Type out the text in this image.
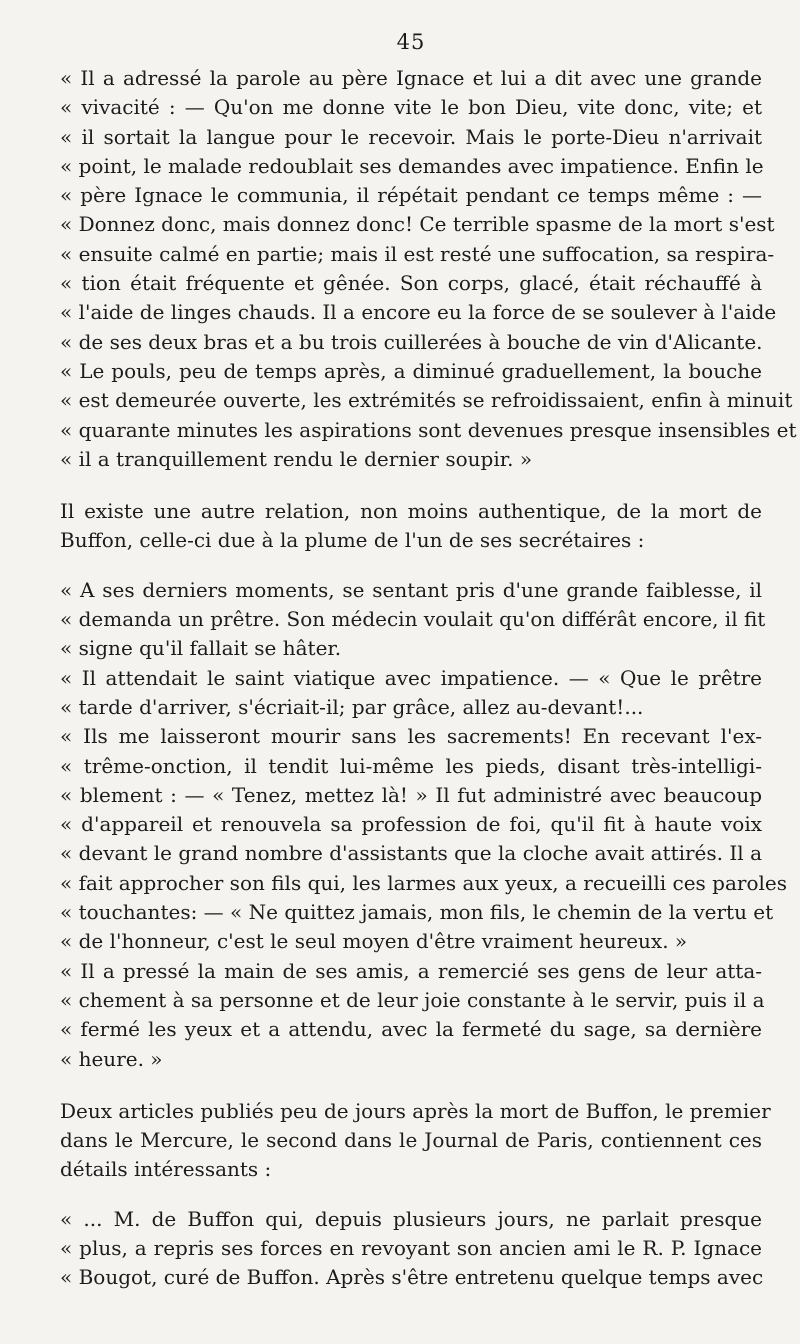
45
« Il a adressé la parole au père Ignace et lui a dit avec une grande
« vivacité : — Qu'on me donne vite le bon Dieu, vite donc, vite; et
« il sortait la langue pour le recevoir. Mais le porte-Dieu n'arrivait
« point, le malade redoublait ses demandes avec impatience. Enfin le
« père Ignace le communia, il répétait pendant ce temps même : —
« Donnez donc, mais donnez donc! Ce terrible spasme de la mort s'est
« ensuite calmé en partie; mais il est resté une suffocation, sa respira-
« tion était fréquente et gênée. Son corps, glacé, était réchauffé à
« l'aide de linges chauds. Il a encore eu la force de se soulever à l'aide
« de ses deux bras et a bu trois cuillerées à bouche de vin d'Alicante.
« Le pouls, peu de temps après, a diminué graduellement, la bouche
« est demeurée ouverte, les extrémités se refroidissaient, enfin à minuit
« quarante minutes les aspirations sont devenues presque insensibles et
« il a tranquillement rendu le dernier soupir. »
Il existe une autre relation, non moins authentique, de la mort de
Buffon, celle-ci due à la plume de l'un de ses secrétaires :
« A ses derniers moments, se sentant pris d'une grande faiblesse, il
« demanda un prêtre. Son médecin voulait qu'on différât encore, il fit
« signe qu'il fallait se hâter.
« Il attendait le saint viatique avec impatience. — « Que le prêtre
« tarde d'arriver, s'écriait-il; par grâce, allez au-devant!...
« Ils me laisseront mourir sans les sacrements! En recevant l'ex-
« trême-onction, il tendit lui-même les pieds, disant très-intelligi-
« blement : — « Tenez, mettez là! » Il fut administré avec beaucoup
« d'appareil et renouvela sa profession de foi, qu'il fit à haute voix
« devant le grand nombre d'assistants que la cloche avait attirés. Il a
« fait approcher son fils qui, les larmes aux yeux, a recueilli ces paroles
« touchantes: — « Ne quittez jamais, mon fils, le chemin de la vertu et
« de l'honneur, c'est le seul moyen d'être vraiment heureux. »
« Il a pressé la main de ses amis, a remercié ses gens de leur atta-
« chement à sa personne et de leur joie constante à le servir, puis il a
« fermé les yeux et a attendu, avec la fermeté du sage, sa dernière
« heure. »
Deux articles publiés peu de jours après la mort de Buffon, le premier
dans le Mercure, le second dans le Journal de Paris, contiennent ces
détails intéressants :
« ... M. de Buffon qui, depuis plusieurs jours, ne parlait presque
« plus, a repris ses forces en revoyant son ancien ami le R. P. Ignace
« Bougot, curé de Buffon. Après s'être entretenu quelque temps avec
